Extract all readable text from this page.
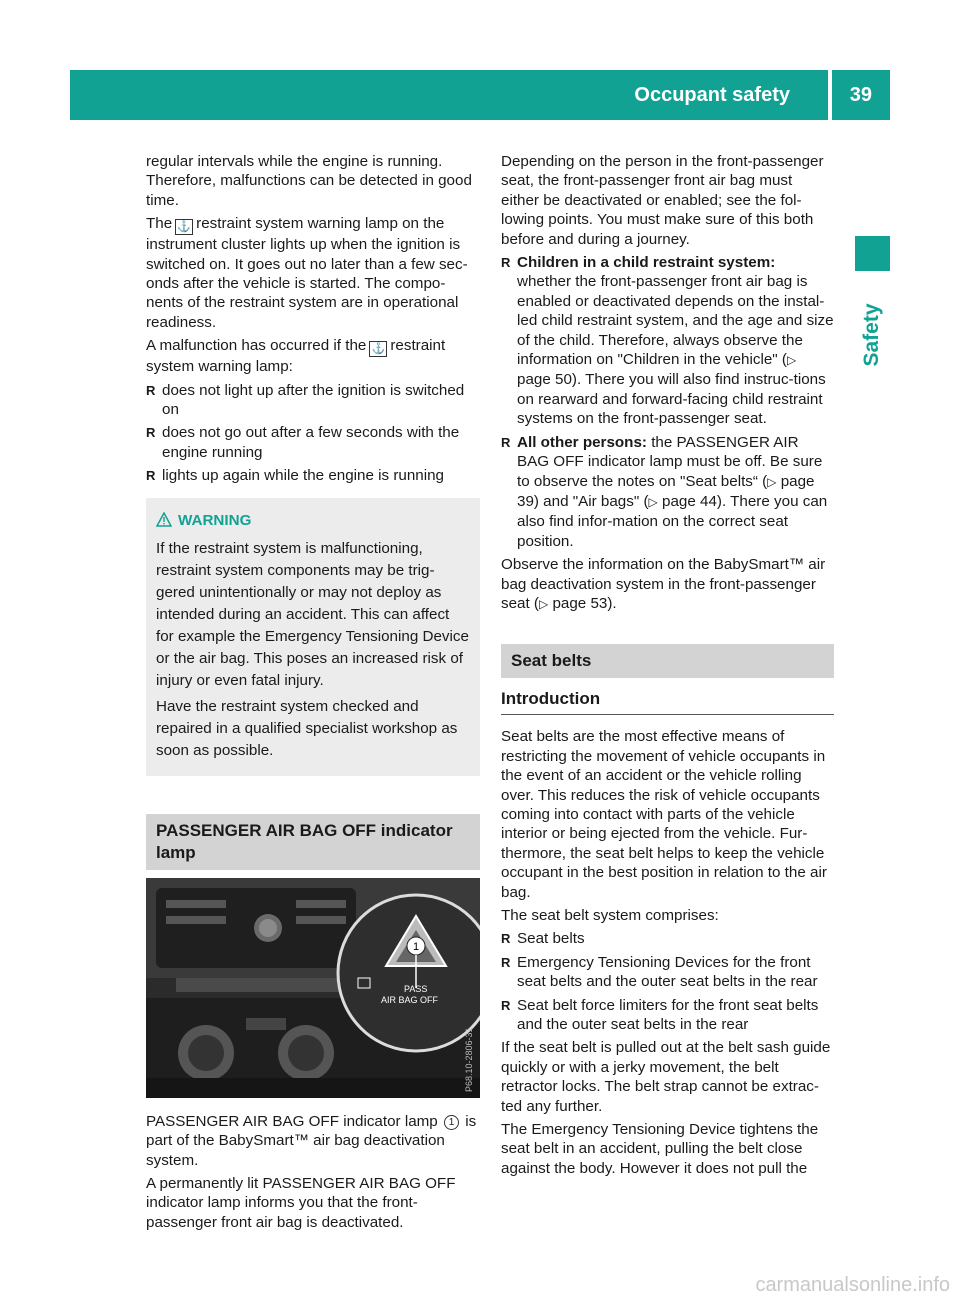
Occupant safety	39
Safety

regular intervals while the engine is running. Therefore, malfunctions can be detected in good time.

The ⚓ restraint system warning lamp on the instrument cluster lights up when the ignition is switched on. It goes out no later than a few sec-onds after the vehicle is started. The compo-nents of the restraint system are in operational readiness.

A malfunction has occurred if the ⚓ restraint system warning lamp:

R does not light up after the ignition is switched on
R does not go out after a few seconds with the engine running
R lights up again while the engine is running
WARNING

If the restraint system is malfunctioning, restraint system components may be trig-gered unintentionally or may not deploy as intended during an accident. This can affect for example the Emergency Tensioning Device or the air bag. This poses an increased risk of injury or even fatal injury.

Have the restraint system checked and repaired in a qualified specialist workshop as soon as possible.

PASSENGER AIR BAG OFF indicator lamp
1
PASS
AIR BAG OFF
P68.10-2806-31

PASSENGER AIR BAG OFF indicator lamp 1 is part of the BabySmart™ air bag deactivation system.

A permanently lit PASSENGER AIR BAG OFF indicator lamp informs you that the front-passenger front air bag is deactivated.

Depending on the person in the front-passenger seat, the front-passenger front air bag must either be deactivated or enabled; see the fol-lowing points. You must make sure of this both before and during a journey.

R Children in a child restraint system:
whether the front-passenger front air bag is enabled or deactivated depends on the instal-led child restraint system, and the age and size of the child. Therefore, always observe the information on "Children in the vehicle" (▷ page 50). There you will also find instruc-tions on rearward and forward-facing child restraint systems on the front-passenger seat.
R All other persons: the PASSENGER AIR BAG OFF indicator lamp must be off. Be sure to observe the notes on "Seat belts“ (▷ page 39) and "Air bags" (▷ page 44). There you can also find infor-mation on the correct seat position.

Observe the information on the BabySmart™ air bag deactivation system in the front-passenger seat (▷ page 53).

Seat belts
Introduction

Seat belts are the most effective means of restricting the movement of vehicle occupants in the event of an accident or the vehicle rolling over. This reduces the risk of vehicle occupants coming into contact with parts of the vehicle interior or being ejected from the vehicle. Fur-thermore, the seat belt helps to keep the vehicle occupant in the best position in relation to the air bag.

The seat belt system comprises:

R Seat belts
R Emergency Tensioning Devices for the front seat belts and the outer seat belts in the rear
R Seat belt force limiters for the front seat belts and the outer seat belts in the rear

If the seat belt is pulled out at the belt sash guide quickly or with a jerky movement, the belt retractor locks. The belt strap cannot be extrac-ted any further.

The Emergency Tensioning Device tightens the seat belt in an accident, pulling the belt close against the body. However it does not pull the

carmanualsonline.info
